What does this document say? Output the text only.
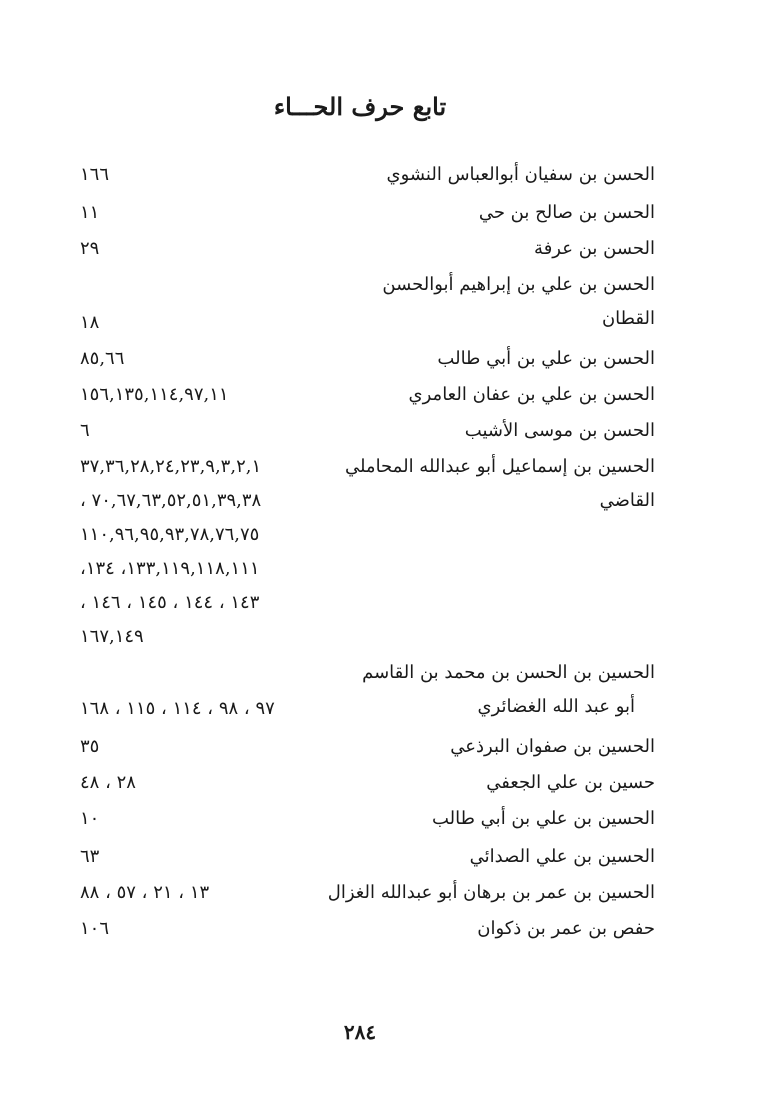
تابع حرف الحـــاء
الحسن بن سفيان أبوالعباس النشوي
١٦٦
الحسن بن صالح بن حي
١١
الحسن بن عرفة
٢٩
الحسن بن علي بن إبراهيم أبوالحسن
القطان
١٨
الحسن بن علي بن أبي طالب
٨٥,٦٦
الحسن بن علي بن عفان العامري
١٥٦,١٣٥,١١٤,٩٧,١١
الحسن بن موسى الأشيب
٦
الحسين بن إسماعيل أبو عبدالله المحاملي
القاضي
٣٧,٣٦,٢٨,٢٤,٢٣,٩,٣,٢,١
٧٠,٦٧,٦٣,٥٢,٥١,٣٩,٣٨ ،
١١٠,٩٦,٩٥,٩٣,٧٨,٧٦,٧٥
١٣٣,١١٩,١١٨,١١١، ١٣٤،
١٤٣ ، ١٤٤ ، ١٤٥ ، ١٤٦ ،
١٦٧,١٤٩
الحسين بن الحسن بن محمد بن القاسم
أبو عبد الله الغضائري
٩٧ ، ٩٨ ، ١١٤ ، ١١٥ ، ١٦٨
الحسين بن صفوان البرذعي
٣٥
حسين بن علي الجعفي
٢٨ ، ٤٨
الحسين بن علي بن أبي طالب
١٠
الحسين بن علي الصدائي
٦٣
الحسين بن عمر بن برهان أبو عبدالله الغزال
١٣ ، ٢١ ، ٥٧ ، ٨٨
حفص بن عمر بن ذكوان
١٠٦
٢٨٤
